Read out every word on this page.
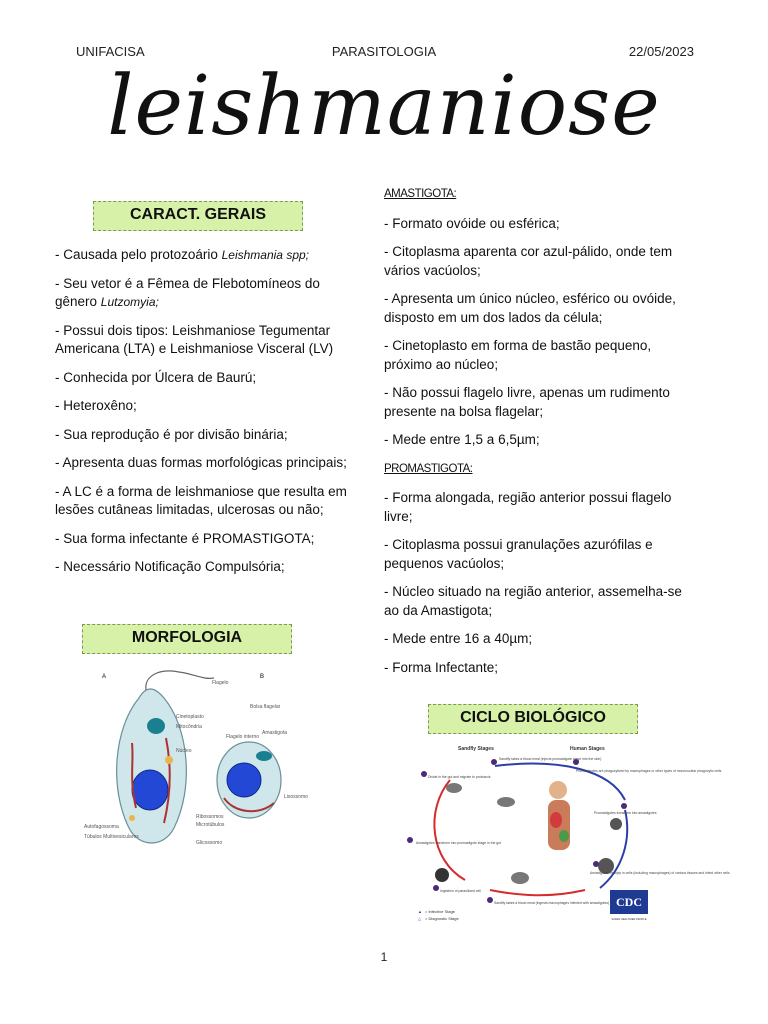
UNIFACISA	PARASITOLOGIA	22/05/2023
leishmaniose
CARACT. GERAIS

- Causada pelo protozoário Leishmania spp;

- Seu vetor é a Fêmea de Flebotomíneos do gênero Lutzomyia;

- Possui dois tipos: Leishmaniose Tegumentar Americana (LTA) e Leishmaniose Visceral (LV)

- Conhecida por Úlcera de Baurú;

- Heteroxêno;

- Sua reprodução é por divisão binária;

- Apresenta duas formas morfológicas principais;

- A LC é a forma de leishmaniose que resulta em lesões cutâneas limitadas, ulcerosas ou não;

- Sua forma infectante é PROMASTIGOTA;

- Necessário Notificação Compulsória;

MORFOLOGIA
A	B
Flagelo
Bolsa flagelar
Cinetoplasto
Mitocôndria
Flagelo interno
Núcleo
Autofagossoma
Túbulos Multivesiculares
Amastigota
Glicossomo
Ribossomos
Microtúbulos
Lisossomo

AMASTIGOTA:

- Formato ovóide ou esférica;

- Citoplasma aparenta cor azul-pálido, onde tem vários vacúolos;

- Apresenta um único núcleo, esférico ou ovóide, disposto em um dos lados da célula;

- Cinetoplasto em forma de bastão pequeno, próximo ao núcleo;

- Não possui flagelo livre, apenas um rudimento presente na bolsa flagelar;

- Mede entre 1,5 a 6,5µm;

PROMASTIGOTA:

- Forma alongada, região anterior possui flagelo livre;

- Citoplasma possui granulações azurófilas e pequenos vacúolos;

- Núcleo situado na região anterior, assemelha-se ao da Amastigota;

- Mede entre 16 a 40µm;

- Forma Infectante;

CICLO BIOLÓGICO
Sandfly Stages	Human Stages
Sandfly takes a blood meal (injects promastigote stage into the skin)
Promastigotes are phagocytized by macrophages or other types of mononuclear phagocytic cells
Promastigotes transform into amastigotes
Amastigotes multiply in cells (including macrophages) of various tissues and infect other cells
Sandfly takes a blood meal (ingests macrophages infected with amastigotes)
Ingestion of parasitized cell
Amastigotes transform into promastigote stage in the gut
Divide in the gut and migrate to proboscis
▲ = Infective Stage
△ = Diagnostic Stage
CDC
SAFER·HEALTHIER·PEOPLE
1
